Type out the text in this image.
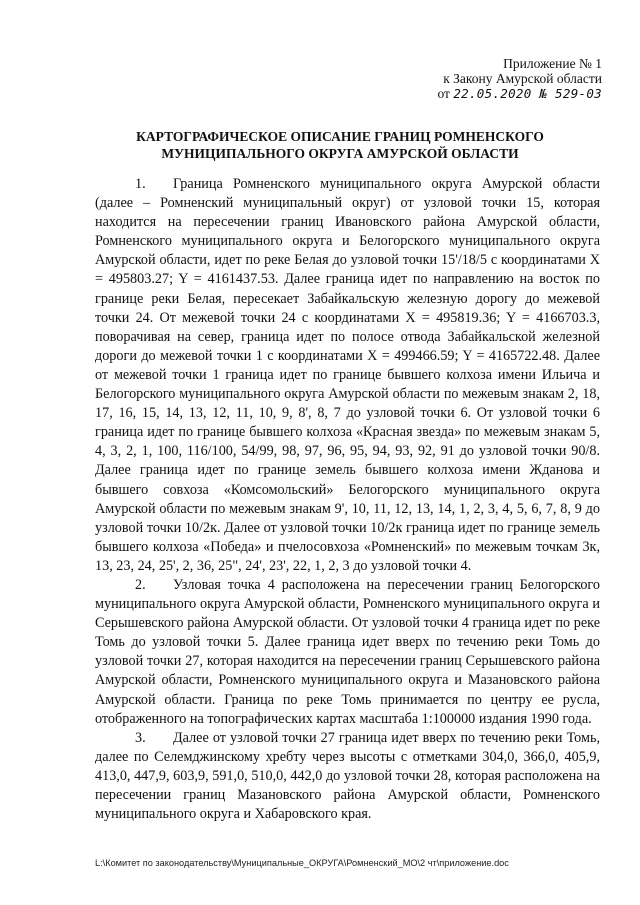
Приложение № 1
к Закону Амурской области
от 22.05.2020 № 529-03
КАРТОГРАФИЧЕСКОЕ ОПИСАНИЕ ГРАНИЦ РОМНЕНСКОГО
МУНИЦИПАЛЬНОГО ОКРУГА АМУРСКОЙ ОБЛАСТИ

1. Граница Ромненского муниципального округа Амурской области (далее – Ромненский муниципальный округ) от узловой точки 15, которая находится на пересечении границ Ивановского района Амурской области, Ромненского муниципального округа и Белогорского муниципального округа Амурской области, идет по реке Белая до узловой точки 15'/18/5 с координатами X = 495803.27; Y = 4161437.53. Далее граница идет по направлению на восток по границе реки Белая, пересекает Забайкальскую железную дорогу до межевой точки 24. От межевой точки 24 с координатами X = 495819.36; Y = 4166703.3, поворачивая на север, граница идет по полосе отвода Забайкальской железной дороги до межевой точки 1 с координатами X = 499466.59; Y = 4165722.48. Далее от межевой точки 1 граница идет по границе бывшего колхоза имени Ильича и Белогорского муниципального округа Амурской области по межевым знакам 2, 18, 17, 16, 15, 14, 13, 12, 11, 10, 9, 8', 8, 7 до узловой точки 6. От узловой точки 6 граница идет по границе бывшего колхоза «Красная звезда» по межевым знакам 5, 4, 3, 2, 1, 100, 116/100, 54/99, 98, 97, 96, 95, 94, 93, 92, 91 до узловой точки 90/8. Далее граница идет по границе земель бывшего колхоза имени Жданова и бывшего совхоза «Комсомольский» Белогорского муниципального округа Амурской области по межевым знакам 9', 10, 11, 12, 13, 14, 1, 2, 3, 4, 5, 6, 7, 8, 9 до узловой точки 10/2к. Далее от узловой точки 10/2к граница идет по границе земель бывшего колхоза «Победа» и пчелосовхоза «Ромненский» по межевым точкам 3к, 13, 23, 24, 25', 2, 36, 25", 24', 23', 22, 1, 2, 3 до узловой точки 4.

2. Узловая точка 4 расположена на пересечении границ Белогорского муниципального округа Амурской области, Ромненского муниципального округа и Серышевского района Амурской области. От узловой точки 4 граница идет по реке Томь до узловой точки 5. Далее граница идет вверх по течению реки Томь до узловой точки 27, которая находится на пересечении границ Серышевского района Амурской области, Ромненского муниципального округа и Мазановского района Амурской области. Граница по реке Томь принимается по центру ее русла, отображенного на топографических картах масштаба 1:100000 издания 1990 года.

3. Далее от узловой точки 27 граница идет вверх по течению реки Томь, далее по Селемджинскому хребту через высоты с отметками 304,0, 366,0, 405,9, 413,0, 447,9, 603,9, 591,0, 510,0, 442,0 до узловой точки 28, которая расположена на пересечении границ Мазановского района Амурской области, Ромненского муниципального округа и Хабаровского края.

L:\Комитет по законодательству\Муниципальные_ОКРУГА\Ромненский_МО\2 чт\приложение.doc
